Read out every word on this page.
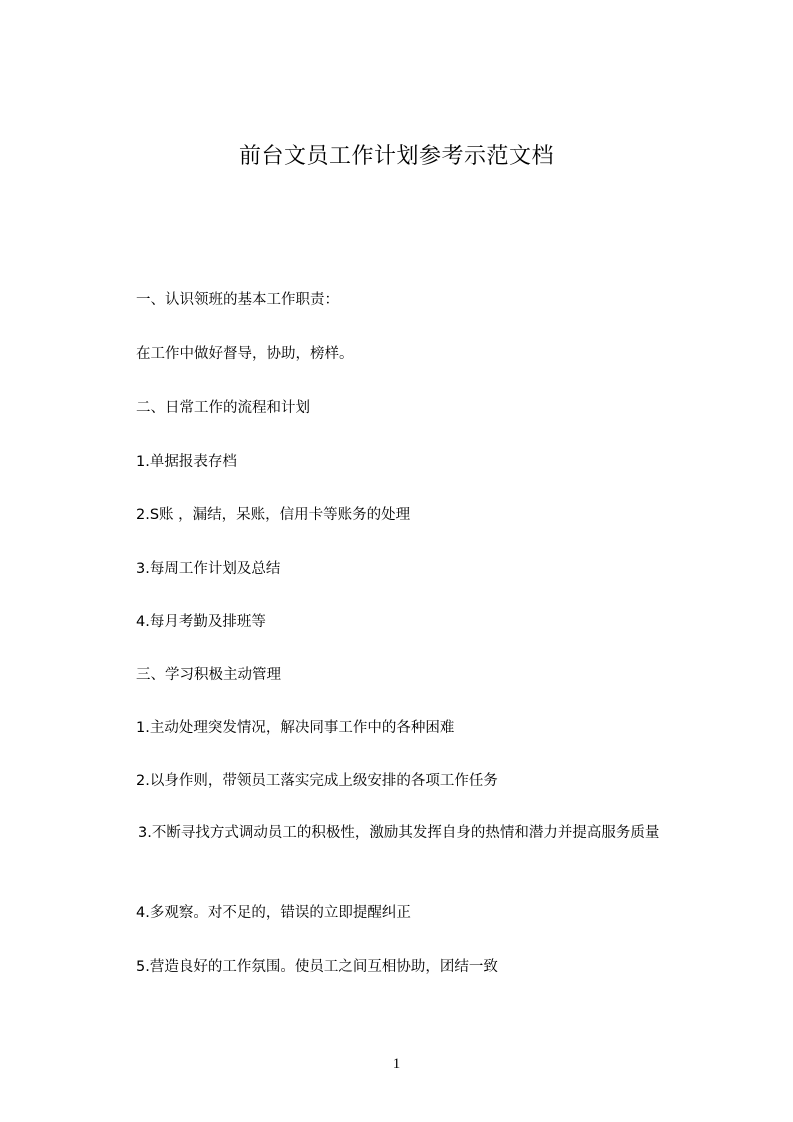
前台文员工作计划参考示范文档
一、认识领班的基本工作职责：
在工作中做好督导，协助，榜样。
二、日常工作的流程和计划
1.单据报表存档
2.S账 ，漏结，呆账，信用卡等账务的处理
3.每周工作计划及总结
4.每月考勤及排班等
三、学习积极主动管理
1.主动处理突发情况，解决同事工作中的各种困难
2.以身作则，带领员工落实完成上级安排的各项工作任务
3.不断寻找方式调动员工的积极性，激励其发挥自身的热情和潜力并提高服务质量
4.多观察。对不足的，错误的立即提醒纠正
5.营造良好的工作氛围。使员工之间互相协助，团结一致
1
